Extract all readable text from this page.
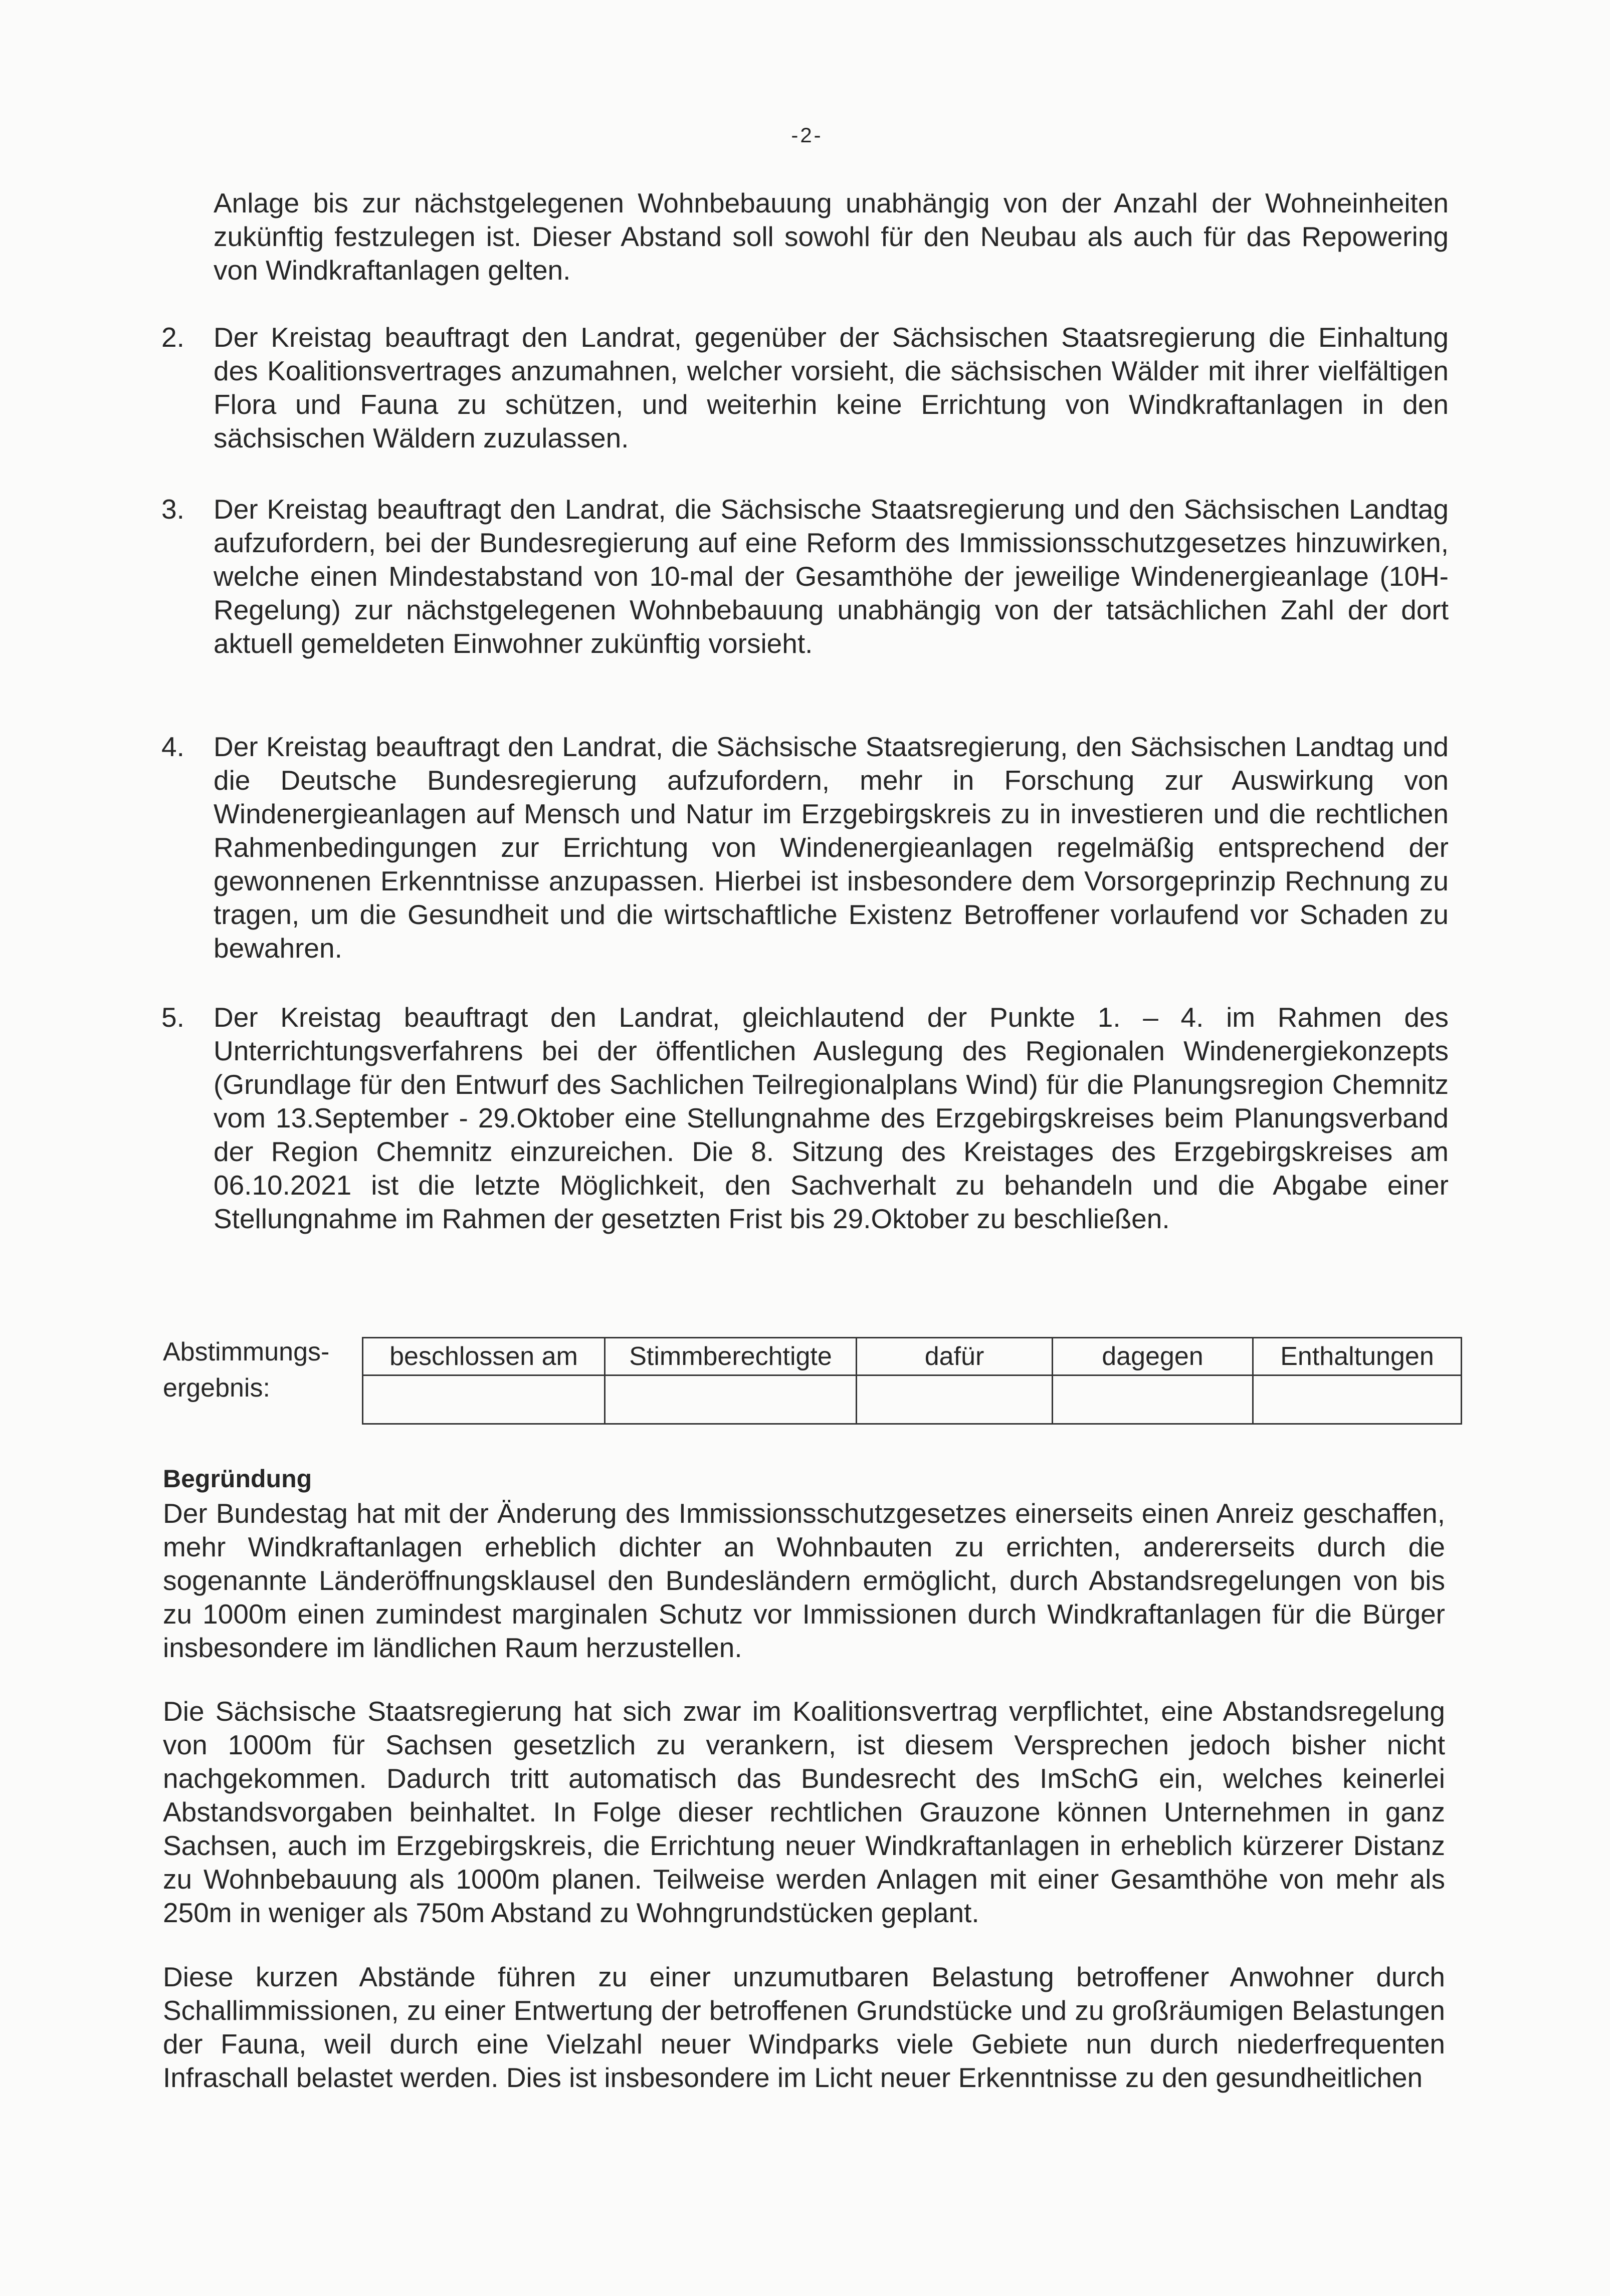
-2-

Anlage bis zur nächstgelegenen Wohnbebauung unabhängig von der Anzahl der Wohneinheiten zukünftig festzulegen ist. Dieser Abstand soll sowohl für den Neubau als auch für das Repowering von Windkraftanlagen gelten.

2. Der Kreistag beauftragt den Landrat, gegenüber der Sächsischen Staatsregierung die Einhaltung des Koalitionsvertrages anzumahnen, welcher vorsieht, die sächsischen Wälder mit ihrer vielfältigen Flora und Fauna zu schützen, und weiterhin keine Errichtung von Windkraftanlagen in den sächsischen Wäldern zuzulassen.

3. Der Kreistag beauftragt den Landrat, die Sächsische Staatsregierung und den Sächsischen Landtag aufzufordern, bei der Bundesregierung auf eine Reform des Immissionsschutzgesetzes hinzuwirken, welche einen Mindestabstand von 10-mal der Gesamthöhe der jeweilige Windenergieanlage (10H-Regelung) zur nächstgelegenen Wohnbebauung unabhängig von der tatsächlichen Zahl der dort aktuell gemeldeten Einwohner zukünftig vorsieht.

4. Der Kreistag beauftragt den Landrat, die Sächsische Staatsregierung, den Sächsischen Landtag und die Deutsche Bundesregierung aufzufordern, mehr in Forschung zur Auswirkung von Windenergieanlagen auf Mensch und Natur im Erzgebirgskreis zu in investieren und die rechtlichen Rahmenbedingungen zur Errichtung von Windenergieanlagen regelmäßig entsprechend der gewonnenen Erkenntnisse anzupassen. Hierbei ist insbesondere dem Vorsorgeprinzip Rechnung zu tragen, um die Gesundheit und die wirtschaftliche Existenz Betroffener vorlaufend vor Schaden zu bewahren.

5. Der Kreistag beauftragt den Landrat, gleichlautend der Punkte 1. – 4. im Rahmen des Unterrichtungsverfahrens bei der öffentlichen Auslegung des Regionalen Windenergiekonzepts (Grundlage für den Entwurf des Sachlichen Teilregionalplans Wind) für die Planungsregion Chemnitz vom 13.September - 29.Oktober eine Stellungnahme des Erzgebirgskreises beim Planungsverband der Region Chemnitz einzureichen. Die 8. Sitzung des Kreistages des Erzgebirgskreises am 06.10.2021 ist die letzte Möglichkeit, den Sachverhalt zu behandeln und die Abgabe einer Stellungnahme im Rahmen der gesetzten Frist bis 29.Oktober zu beschließen.

Abstimmungs-
ergebnis:
beschlossen am	Stimmberechtigte	dafür	dagegen	Enthaltungen

Begründung

Der Bundestag hat mit der Änderung des Immissionsschutzgesetzes einerseits einen Anreiz geschaffen, mehr Windkraftanlagen erheblich dichter an Wohnbauten zu errichten, andererseits durch die sogenannte Länderöffnungsklausel den Bundesländern ermöglicht, durch Abstandsregelungen von bis zu 1000m einen zumindest marginalen Schutz vor Immissionen durch Windkraftanlagen für die Bürger insbesondere im ländlichen Raum herzustellen.

Die Sächsische Staatsregierung hat sich zwar im Koalitionsvertrag verpflichtet, eine Abstandsregelung von 1000m für Sachsen gesetzlich zu verankern, ist diesem Versprechen jedoch bisher nicht nachgekommen. Dadurch tritt automatisch das Bundesrecht des ImSchG ein, welches keinerlei Abstandsvorgaben beinhaltet. In Folge dieser rechtlichen Grauzone können Unternehmen in ganz Sachsen, auch im Erzgebirgskreis, die Errichtung neuer Windkraftanlagen in erheblich kürzerer Distanz zu Wohnbebauung als 1000m planen. Teilweise werden Anlagen mit einer Gesamthöhe von mehr als 250m in weniger als 750m Abstand zu Wohngrundstücken geplant.

Diese kurzen Abstände führen zu einer unzumutbaren Belastung betroffener Anwohner durch Schallimmissionen, zu einer Entwertung der betroffenen Grundstücke und zu großräumigen Belastungen der Fauna, weil durch eine Vielzahl neuer Windparks viele Gebiete nun durch niederfrequenten Infraschall belastet werden. Dies ist insbesondere im Licht neuer Erkenntnisse zu den gesundheitlichen
